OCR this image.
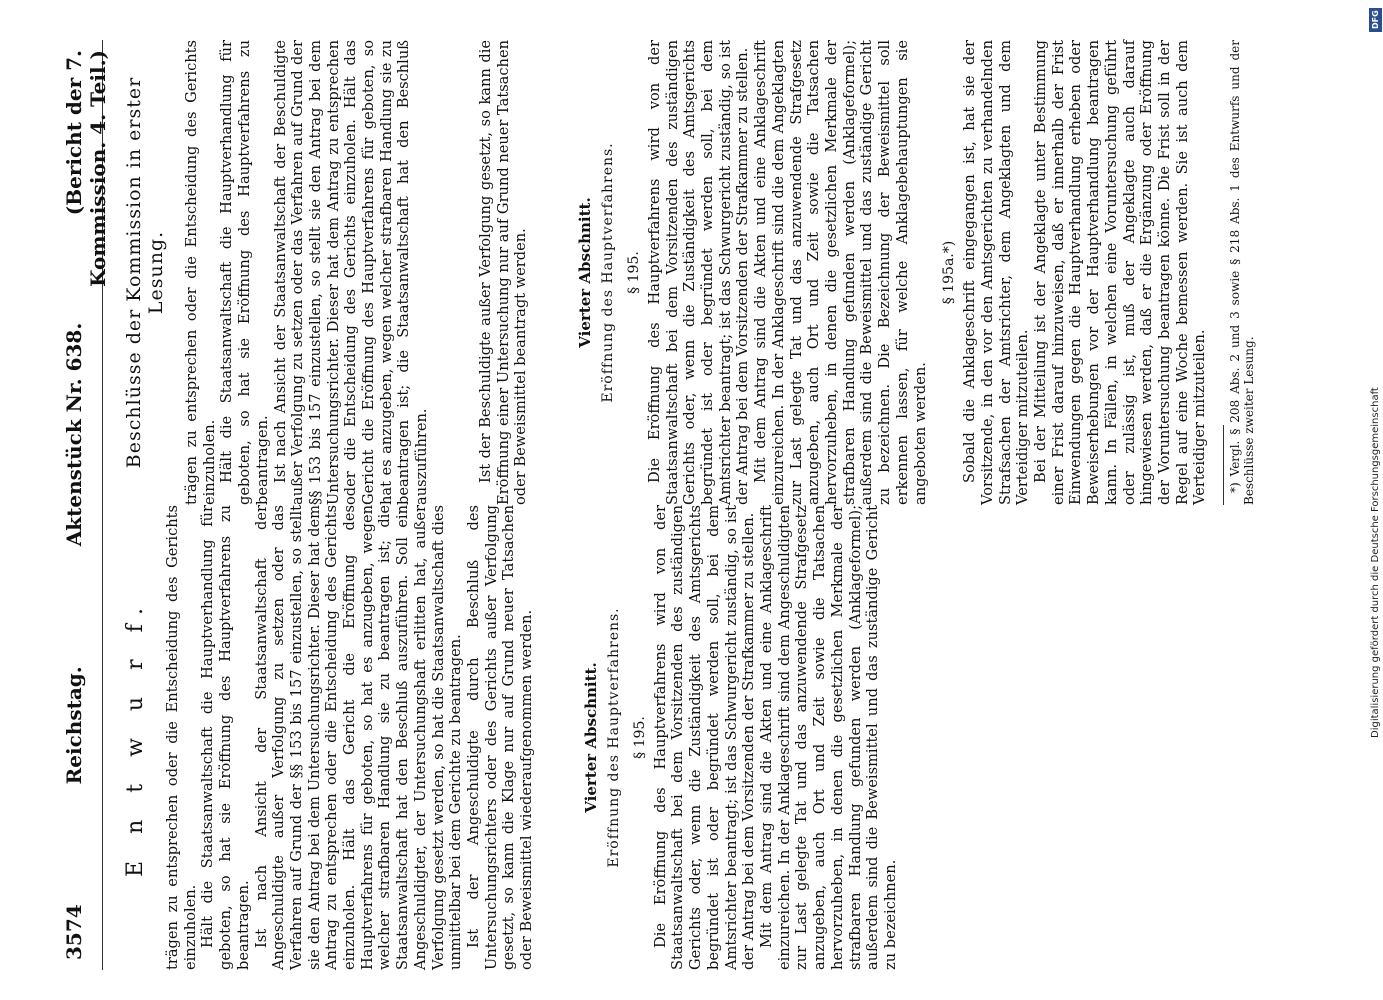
3574
Reichstag.
Aktenstück Nr. 638.
(Bericht der 7. Kommission. 4. Teil.)
E n t w u r f. trägen zu entsprechen oder die Entscheidung des Gerichts einzuholen. Hält die Staatsanwaltschaft die Hauptverhandlung für geboten, so hat sie Eröffnung des Hauptverfahrens zu beantragen. Ist nach Ansicht der Staatsanwaltschaft der Angeschuldigte außer Verfolgung zu setzen oder das Verfahren auf Grund der §§ 153 bis 157 einzustellen, so stellt sie den Antrag bei dem Untersuchungsrichter. Dieser hat dem Antrag zu entsprechen oder die Entscheidung des Gerichts einzuholen. Hält das Gericht die Eröffnung des Hauptverfahrens für geboten, so hat es anzugeben, wegen welcher strafbaren Handlung sie zu beantragen ist; die Staatsanwaltschaft hat den Beschluß auszuführen. Soll ein Angeschuldigter, der Untersuchungshaft erlitten hat, außer Verfolgung gesetzt werden, so hat die Staatsanwaltschaft dies unmittelbar bei dem Gerichte zu beantragen. Ist der Angeschuldigte durch Beschluß des Untersuchungsrichters oder des Gerichts außer Verfolgung gesetzt, so kann die Klage nur auf Grund neuer Tatsachen oder Beweismittel wiederaufgenommen werden.	Vierter Abschnitt. Eröffnung des Hauptverfahrens. § 195. Die Eröffnung des Hauptverfahrens wird von der Staatsanwaltschaft bei dem Vorsitzenden des zuständigen Gerichts oder, wenn die Zuständigkeit des Amtsgerichts begründet ist oder begründet werden soll, bei dem Amtsrichter beantragt; ist das Schwurgericht zuständig, so ist der Antrag bei dem Vorsitzenden der Strafkammer zu stellen. Mit dem Antrag sind die Akten und eine Anklageschrift einzureichen. In der Anklageschrift sind dem Angeschuldigten zur Last gelegte Tat und das anzuwendende Strafgesetz anzugeben, auch Ort und Zeit sowie die Tatsachen hervorzuheben, in denen die gesetzlichen Merkmale der strafbaren Handlung gefunden werden (Anklageformel); außerdem sind die Beweismittel und das zuständige Gericht zu bezeichnen.

Beschlüsse der Kommission in erster Lesung. trägen zu entsprechen oder die Entscheidung des Gerichts einzuholen. Hält die Staatsanwaltschaft die Hauptverhandlung für geboten, so hat sie Eröffnung des Hauptverfahrens zu beantragen. Ist nach Ansicht der Staatsanwaltschaft der Beschuldigte außer Verfolgung zu setzen oder das Verfahren auf Grund der §§ 153 bis 157 einzustellen, so stellt sie den Antrag bei dem Untersuchungsrichter. Dieser hat dem Antrag zu entsprechen oder die Entscheidung des Gerichts einzuholen. Hält das Gericht die Eröffnung des Hauptverfahrens für geboten, so hat es anzugeben, wegen welcher strafbaren Handlung sie zu beantragen ist; die Staatsanwaltschaft hat den Beschluß auszuführen.	Ist der Beschuldigte außer Verfolgung gesetzt, so kann die Eröffnung einer Untersuchung nur auf Grund neuer Tatsachen oder Beweismittel beantragt werden.	Vierter Abschnitt. Eröffnung des Hauptverfahrens. § 195. Die Eröffnung des Hauptverfahrens wird von der Staatsanwaltschaft bei dem Vorsitzenden des zuständigen Gerichts oder, wenn die Zuständigkeit des Amtsgerichts begründet ist oder begründet werden soll, bei dem Amtsrichter beantragt; ist das Schwurgericht zuständig, so ist der Antrag bei dem Vorsitzenden der Strafkammer zu stellen. Mit dem Antrag sind die Akten und eine Anklageschrift einzureichen. In der Anklageschrift sind die dem Angeklagten zur Last gelegte Tat und das anzuwendende Strafgesetz anzugeben, auch Ort und Zeit sowie die Tatsachen hervorzuheben, in denen die gesetzlichen Merkmale der strafbaren Handlung gefunden werden (Anklageformel); außerdem sind die Beweismittel und das zuständige Gericht zu bezeichnen. Die Bezeichnung der Beweismittel soll erkennen lassen, für welche Anklagebehauptungen sie angeboten werden.

§ 195a.*) Sobald die Anklageschrift eingegangen ist, hat sie der Vorsitzende, in den vor den Amtsgerichten zu verhandelnden Strafsachen der Amtsrichter, dem Angeklagten und dem Verteidiger mitzuteilen. Bei der Mitteilung ist der Angeklagte unter Bestimmung einer Frist darauf hinzuweisen, daß er innerhalb der Frist Einwendungen gegen die Hauptverhandlung erheben oder Beweiserhebungen vor der Hauptverhandlung beantragen kann. In Fällen, in welchen eine Voruntersuchung geführt oder zulässig ist, muß der Angeklagte auch darauf hingewiesen werden, daß er die Ergänzung oder Eröffnung der Voruntersuchung beantragen könne. Die Frist soll in der Regel auf eine Woche bemessen werden. Sie ist auch dem Verteidiger mitzuteilen. *) Vergl. § 208 Abs. 2 und 3 sowie § 218 Abs. 1 des Entwurfs und der Beschlüsse zweiter Lesung.

DFG
Digitalisierung gefördert durch die Deutsche Forschungsgemeinschaft
